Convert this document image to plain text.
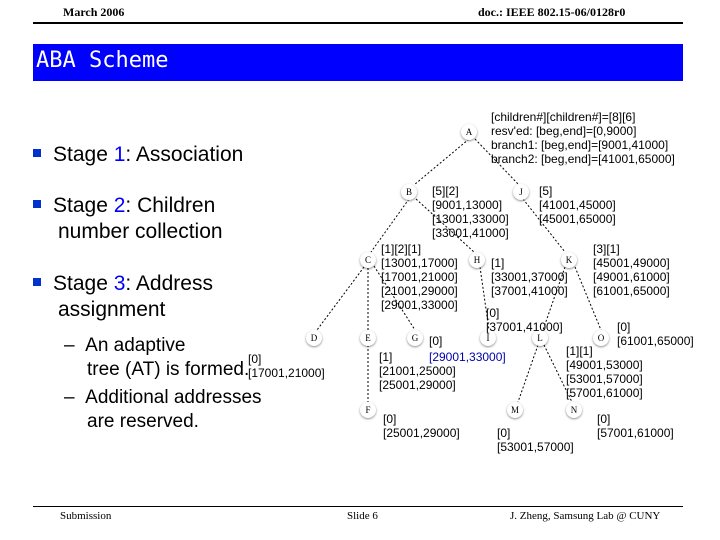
March 2006	doc.: IEEE 802.15-06/0128r0
ABA Scheme
Stage 1: Association
Stage 2: Children
number collection
Stage 3: Address
assignment
– An adaptive
tree (AT) is formed.
– Additional addresses
are reserved.
A
B
C
D	E
F
G
H
I
J
K
L
M	N
O
[children#][children#]=[8][6]
resv'ed: [beg,end]=[0,9000]
branch1: [beg,end]=[9001,41000]
branch2: [beg,end]=[41001,65000]
[5][2]
[9001,13000]
[13001,33000]
[33001,41000]
[5]
[41001,45000]
[45001,65000]
[1][2][1]
[13001,17000]
[17001,21000]
[21001,29000]
[29001,33000]
[1]
[33001,37000]
[37001,41000]
[3][1]
[45001,49000]
[49001,61000]
[61001,65000]
[0]
[0]
[37001,41000]	[0]
[61001,65000]
[0]
[17001,21000]
[1]
[21001,25000]
[25001,29000]
[29001,33000]	[1][1]
[49001,53000]
[53001,57000]
[57001,61000]
[0]
[25001,29000]	[0]
[53001,57000]
[0]
[57001,61000]
Submission	Slide 6	J. Zheng, Samsung Lab @ CUNY
